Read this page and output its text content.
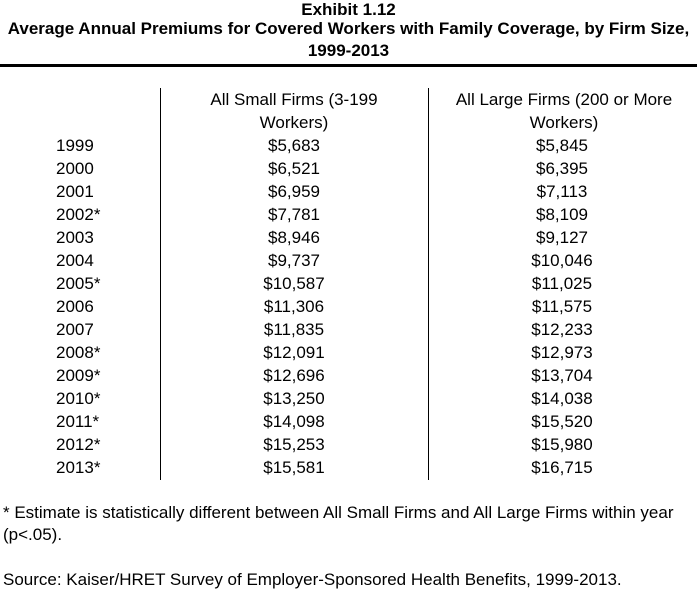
Exhibit 1.12
Average Annual Premiums for Covered Workers with Family Coverage, by Firm Size, 1999-2013
All Small Firms (3-199 Workers)
All Large Firms (200 or More Workers)
1999	$5,683	$5,845
2000	$6,521	$6,395
2001	$6,959	$7,113
2002*	$7,781	$8,109
2003	$8,946	$9,127
2004	$9,737	$10,046
2005*	$10,587	$11,025
2006	$11,306	$11,575
2007	$11,835	$12,233
2008*	$12,091	$12,973
2009*	$12,696	$13,704
2010*	$13,250	$14,038
2011*	$14,098	$15,520
2012*	$15,253	$15,980
2013*	$15,581	$16,715
* Estimate is statistically different between All Small Firms and All Large Firms within year (p<.05).
Source: Kaiser/HRET Survey of Employer-Sponsored Health Benefits, 1999-2013.
